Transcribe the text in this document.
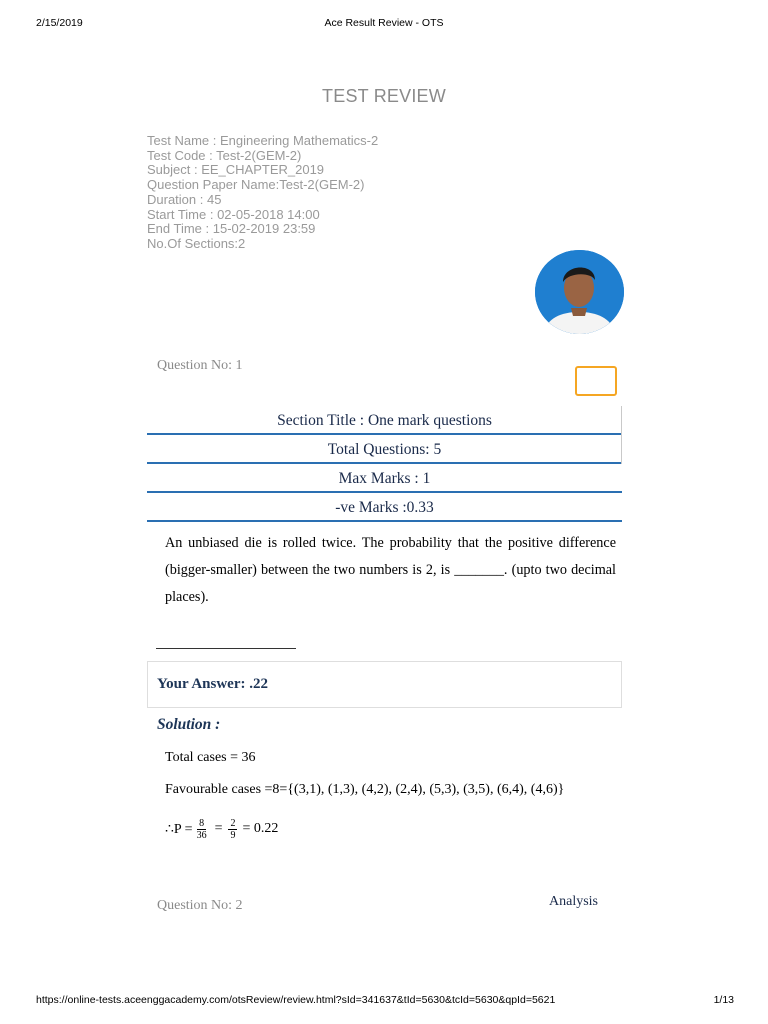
2/15/2019	Ace Result Review - OTS
TEST REVIEW
Test Name : Engineering Mathematics-2
Test Code : Test-2(GEM-2)
Subject : EE_CHAPTER_2019
Question Paper Name:Test-2(GEM-2)
Duration : 45
Start Time : 02-05-2018 14:00
End Time : 15-02-2019 23:59
No.Of Sections:2
Question No: 1
Section Title : One mark questions
Total Questions: 5
Max Marks : 1
-ve Marks :0.33
An unbiased die is rolled twice. The probability that the positive difference (bigger-smaller) between the two numbers is 2, is _______. (upto two decimal places).
Your Answer: .22
Solution :
Total cases = 36
Favourable cases =8={(3,1), (1,3), (4,2), (2,4), (5,3), (3,5), (6,4), (4,6)}
∴P = $\frac{8}{36} = \frac{2}{9} = 0.22$
Question No: 2	Analysis
https://online-tests.aceenggacademy.com/otsReview/review.html?sId=341637&tId=5630&tcId=5630&qpId=5621	1/13
